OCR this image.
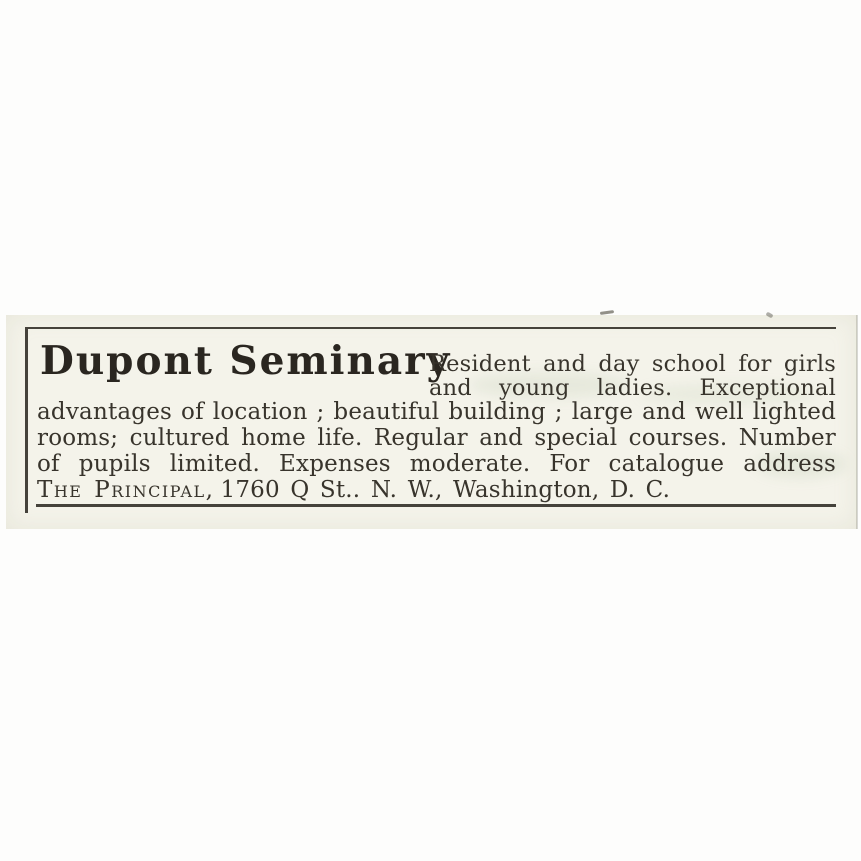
Dupont Seminary
Resident and day school for girls
and young ladies. Exceptional
advantages of location ; beautiful building ; large and well lighted
rooms; cultured home life. Regular and special courses. Number
of pupils limited. Expenses moderate. For catalogue address
The Principal, 1760 Q St.. N. W., Washington, D. C.
